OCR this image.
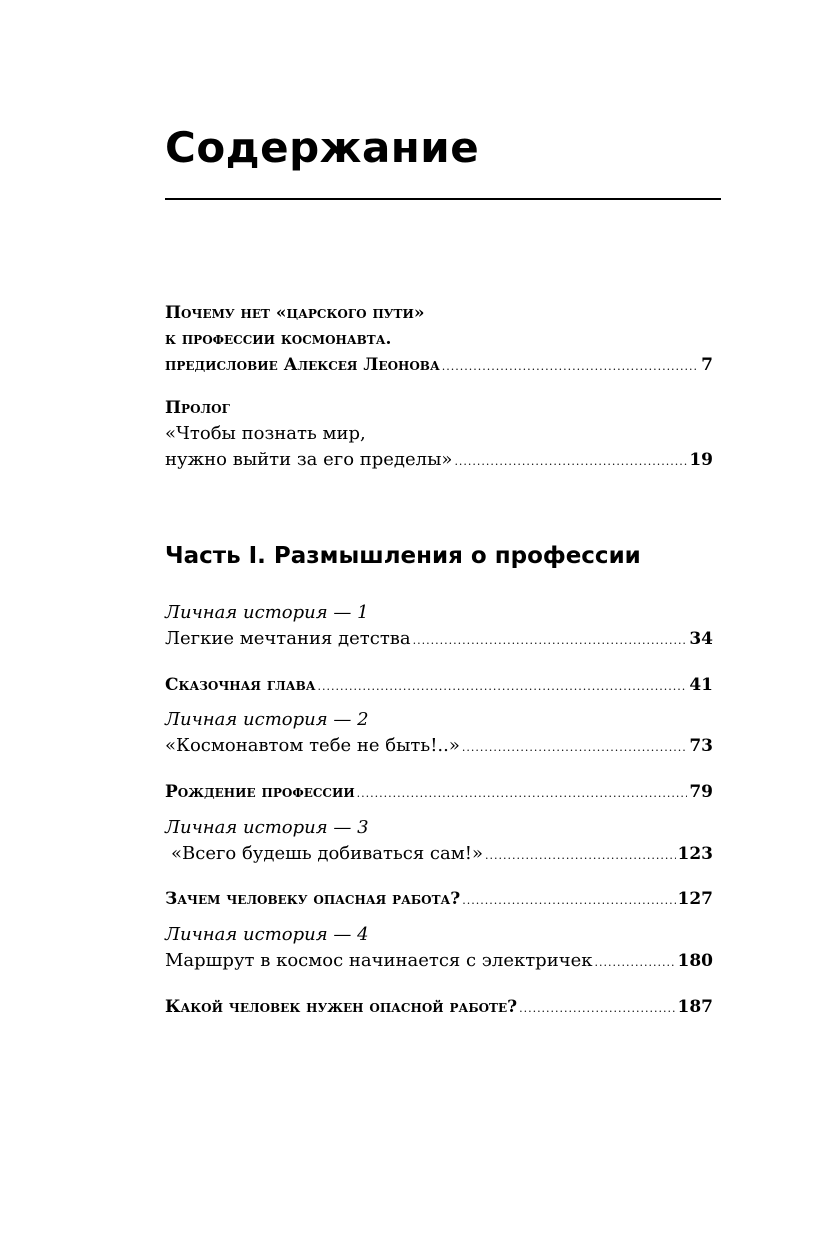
Содержание
Почему нет «царского пути»
к профессии космонавта.
предисловие Алексея Леонова .....	7
Пролог
«Чтобы познать мир,
нужно выйти за его пределы» .....	19
Часть I. Размышления о профессии
Личная история — 1
Легкие мечтания детства .....	34
Сказочная глава .....	41
Личная история — 2
«Космонавтом тебе не быть!..» .....	73
Рождение профессии .....	79
Личная история — 3
«Всего будешь добиваться сам!» .....	123
Зачем человеку опасная работа? .....	127
Личная история — 4
Маршрут в космос начинается с электричек .....	180
Какой человек нужен опасной работе? .....	187
